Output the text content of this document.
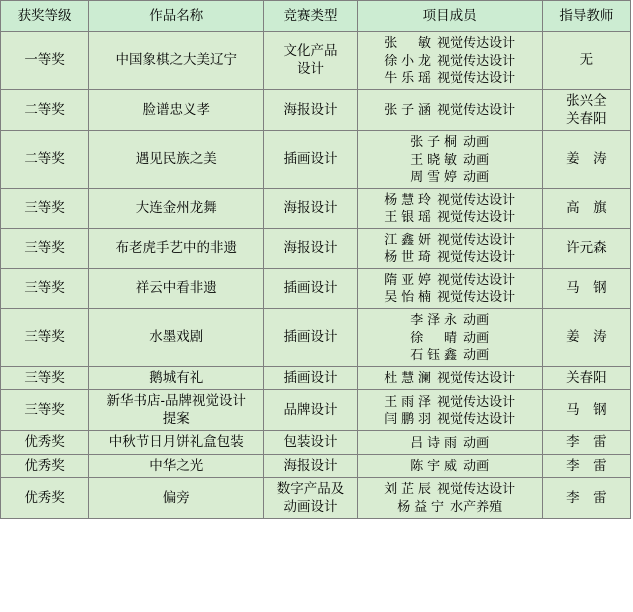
获奖等级	作品名称	竞赛类型	项目成员	指导教师
一等奖	中国象棋之大美辽宁	文化产品
设计	张　敏 视觉传达设计
徐小龙 视觉传达设计
牛乐瑶 视觉传达设计	无

二等奖	脸谱忠义孝	海报设计	张子涵 视觉传达设计	张兴全
关春阳

二等奖	遇见民族之美	插画设计	张子桐 动画
王晓敏 动画
周雪婷 动画	姜　涛

三等奖	大连金州龙舞	海报设计	杨慧玲 视觉传达设计
王银瑶 视觉传达设计	高　旗

三等奖	布老虎手艺中的非遗	海报设计	江鑫妍 视觉传达设计
杨世琦 视觉传达设计	许元森

三等奖	祥云中看非遗	插画设计	隋亚婷 视觉传达设计
吴怡楠 视觉传达设计	马　钢

三等奖	水墨戏剧	插画设计	李泽永 动画
徐　晴 动画
石钰鑫 动画	姜　涛

三等奖	鹅城有礼	插画设计	杜慧澜 视觉传达设计	关春阳

三等奖	新华书店-品牌视觉设计
提案	品牌设计	王雨泽 视觉传达设计
闫鹏羽 视觉传达设计	马　钢

优秀奖	中秋节日月饼礼盒包装	包装设计	吕诗雨 动画	李　雷

优秀奖	中华之光	海报设计	陈宇威 动画	李　雷

优秀奖	偏旁	数字产品及
动画设计	刘芷辰 视觉传达设计
杨益宁 水产养殖	李　雷
